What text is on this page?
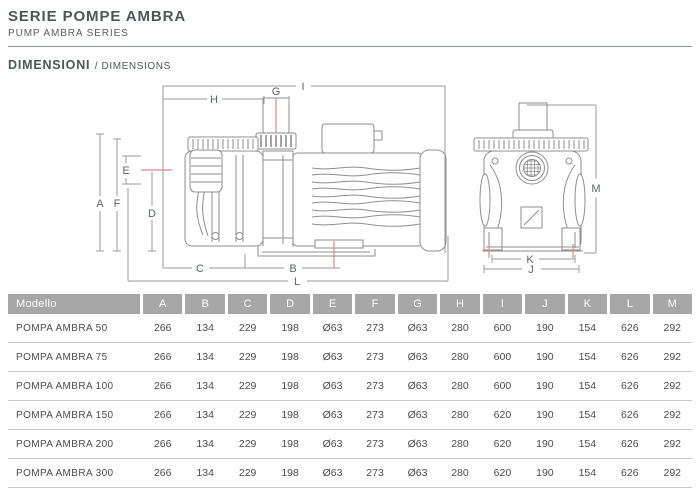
SERIE POMPE AMBRA
PUMP AMBRA SERIES
DIMENSIONI / DIMENSIONS
A
B
C
D
E
F
G
H
I
J
K
L
M
Modello	A	B	C	D	E	F	G	H	I	J	K	L	M
POMPA AMBRA 50	266	134	229	198	Ø63	273	Ø63	280	600	190	154	626	292
POMPA AMBRA 75	266	134	229	198	Ø63	273	Ø63	280	600	190	154	626	292
POMPA AMBRA 100	266	134	229	198	Ø63	273	Ø63	280	600	190	154	626	292
POMPA AMBRA 150	266	134	229	198	Ø63	273	Ø63	280	620	190	154	626	292
POMPA AMBRA 200	266	134	229	198	Ø63	273	Ø63	280	620	190	154	626	292
POMPA AMBRA 300	266	134	229	198	Ø63	273	Ø63	280	620	190	154	626	292
